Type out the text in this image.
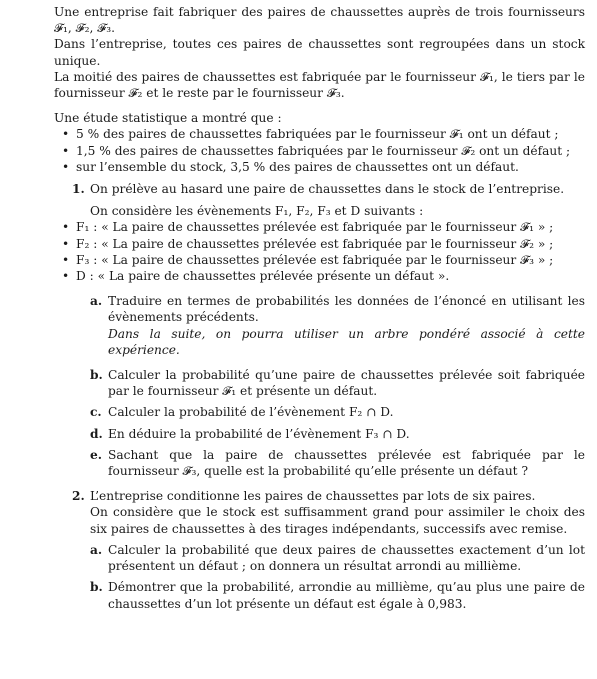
Une entreprise fait fabriquer des paires de chaussettes auprès de trois fournisseurs 𝓕₁, 𝓕₂, 𝓕₃.

Dans l’entreprise, toutes ces paires de chaussettes sont regroupées dans un stock unique.

La moitié des paires de chaussettes est fabriquée par le fournisseur 𝓕₁, le tiers par le fournisseur 𝓕₂ et le reste par le fournisseur 𝓕₃.

Une étude statistique a montré que :

• 5 % des paires de chaussettes fabriquées par le fournisseur 𝓕₁ ont un défaut ;
• 1,5 % des paires de chaussettes fabriquées par le fournisseur 𝓕₂ ont un défaut ;
• sur l’ensemble du stock, 3,5 % des paires de chaussettes ont un défaut.
1. On prélève au hasard une paire de chaussettes dans le stock de l’entreprise.

On considère les évènements F₁, F₂, F₃ et D suivants :

• F₁ : « La paire de chaussettes prélevée est fabriquée par le fournisseur 𝓕₁ » ;
• F₂ : « La paire de chaussettes prélevée est fabriquée par le fournisseur 𝓕₂ » ;
• F₃ : « La paire de chaussettes prélevée est fabriquée par le fournisseur 𝓕₃ » ;
• D : « La paire de chaussettes prélevée présente un défaut ».
a. Traduire en termes de probabilités les données de l’énoncé en utilisant les évènements précédents.

Dans la suite, on pourra utiliser un arbre pondéré associé à cette expérience.

b. Calculer la probabilité qu’une paire de chaussettes prélevée soit fabriquée par le fournisseur 𝓕₁ et présente un défaut.

c. Calculer la probabilité de l’évènement F₂ ∩ D.

d. En déduire la probabilité de l’évènement F₃ ∩ D.

e. Sachant que la paire de chaussettes prélevée est fabriquée par le fournisseur 𝓕₃, quelle est la probabilité qu’elle présente un défaut ?

2. L’entreprise conditionne les paires de chaussettes par lots de six paires.

On considère que le stock est suffisamment grand pour assimiler le choix des six paires de chaussettes à des tirages indépendants, successifs avec remise.

a. Calculer la probabilité que deux paires de chaussettes exactement d’un lot présentent un défaut ; on donnera un résultat arrondi au millième.

b. Démontrer que la probabilité, arrondie au millième, qu’au plus une paire de chaussettes d’un lot présente un défaut est égale à 0,983.
